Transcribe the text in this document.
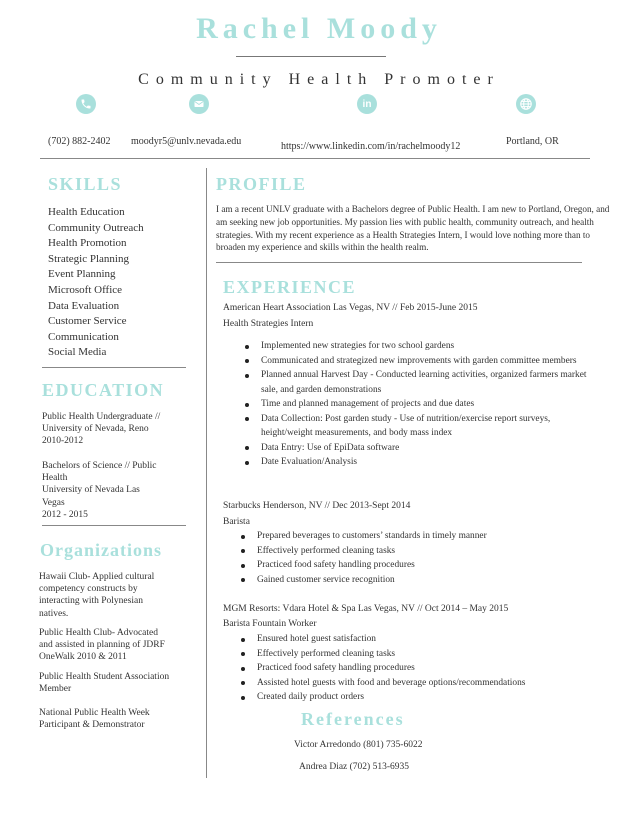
Rachel Moody
Community Health Promoter
in
(702) 882-2402 moodyr5@unlv.nevada.edu	https://www.linkedin.com/in/rachelmoody12	Portland, OR
SKILLS
Health Education
Community Outreach
Health Promotion
Strategic Planning
Event Planning
Microsoft Office
Data Evaluation
Customer Service
Communication
Social Media
EDUCATION
Public Health Undergraduate //
University of Nevada, Reno
2010-2012
Bachelors of Science // Public
Health
University of Nevada Las
Vegas
2012 - 2015
Organizations
Hawaii Club- Applied cultural
competency constructs by
interacting with Polynesian
natives.
Public Health Club- Advocated
and assisted in planning of JDRF
OneWalk 2010 & 2011
Public Health Student Association
Member
National Public Health Week
Participant & Demonstrator
PROFILE
I am a recent UNLV graduate with a Bachelors degree of Public Health. I am new to Portland, Oregon, and am seeking new job opportunities. My passion lies with public health, community outreach, and health strategies. With my recent experience as a Health Strategies Intern, I would love nothing more than to broaden my experience and skills within the health realm.
EXPERIENCE
American Heart Association Las Vegas, NV // Feb 2015-June 2015
Health Strategies Intern
Implemented new strategies for two school gardens
Communicated and strategized new improvements with garden committee members
Planned annual Harvest Day - Conducted learning activities, organized farmers market sale, and garden demonstrations
Time and planned management of projects and due dates
Data Collection: Post garden study - Use of nutrition/exercise report surveys, height/weight measurements, and body mass index
Data Entry: Use of EpiData software
Date Evaluation/Analysis
Starbucks Henderson, NV // Dec 2013-Sept 2014
Barista
Prepared beverages to customers’ standards in timely manner
Effectively performed cleaning tasks
Practiced food safety handling procedures
Gained customer service recognition
MGM Resorts: Vdara Hotel & Spa Las Vegas, NV // Oct 2014 – May 2015
Barista Fountain Worker
Ensured hotel guest satisfaction
Effectively performed cleaning tasks
Practiced food safety handling procedures
Assisted hotel guests with food and beverage options/recommendations
Created daily product orders
References
Victor Arredondo (801) 735-6022
Andrea Diaz (702) 513-6935
